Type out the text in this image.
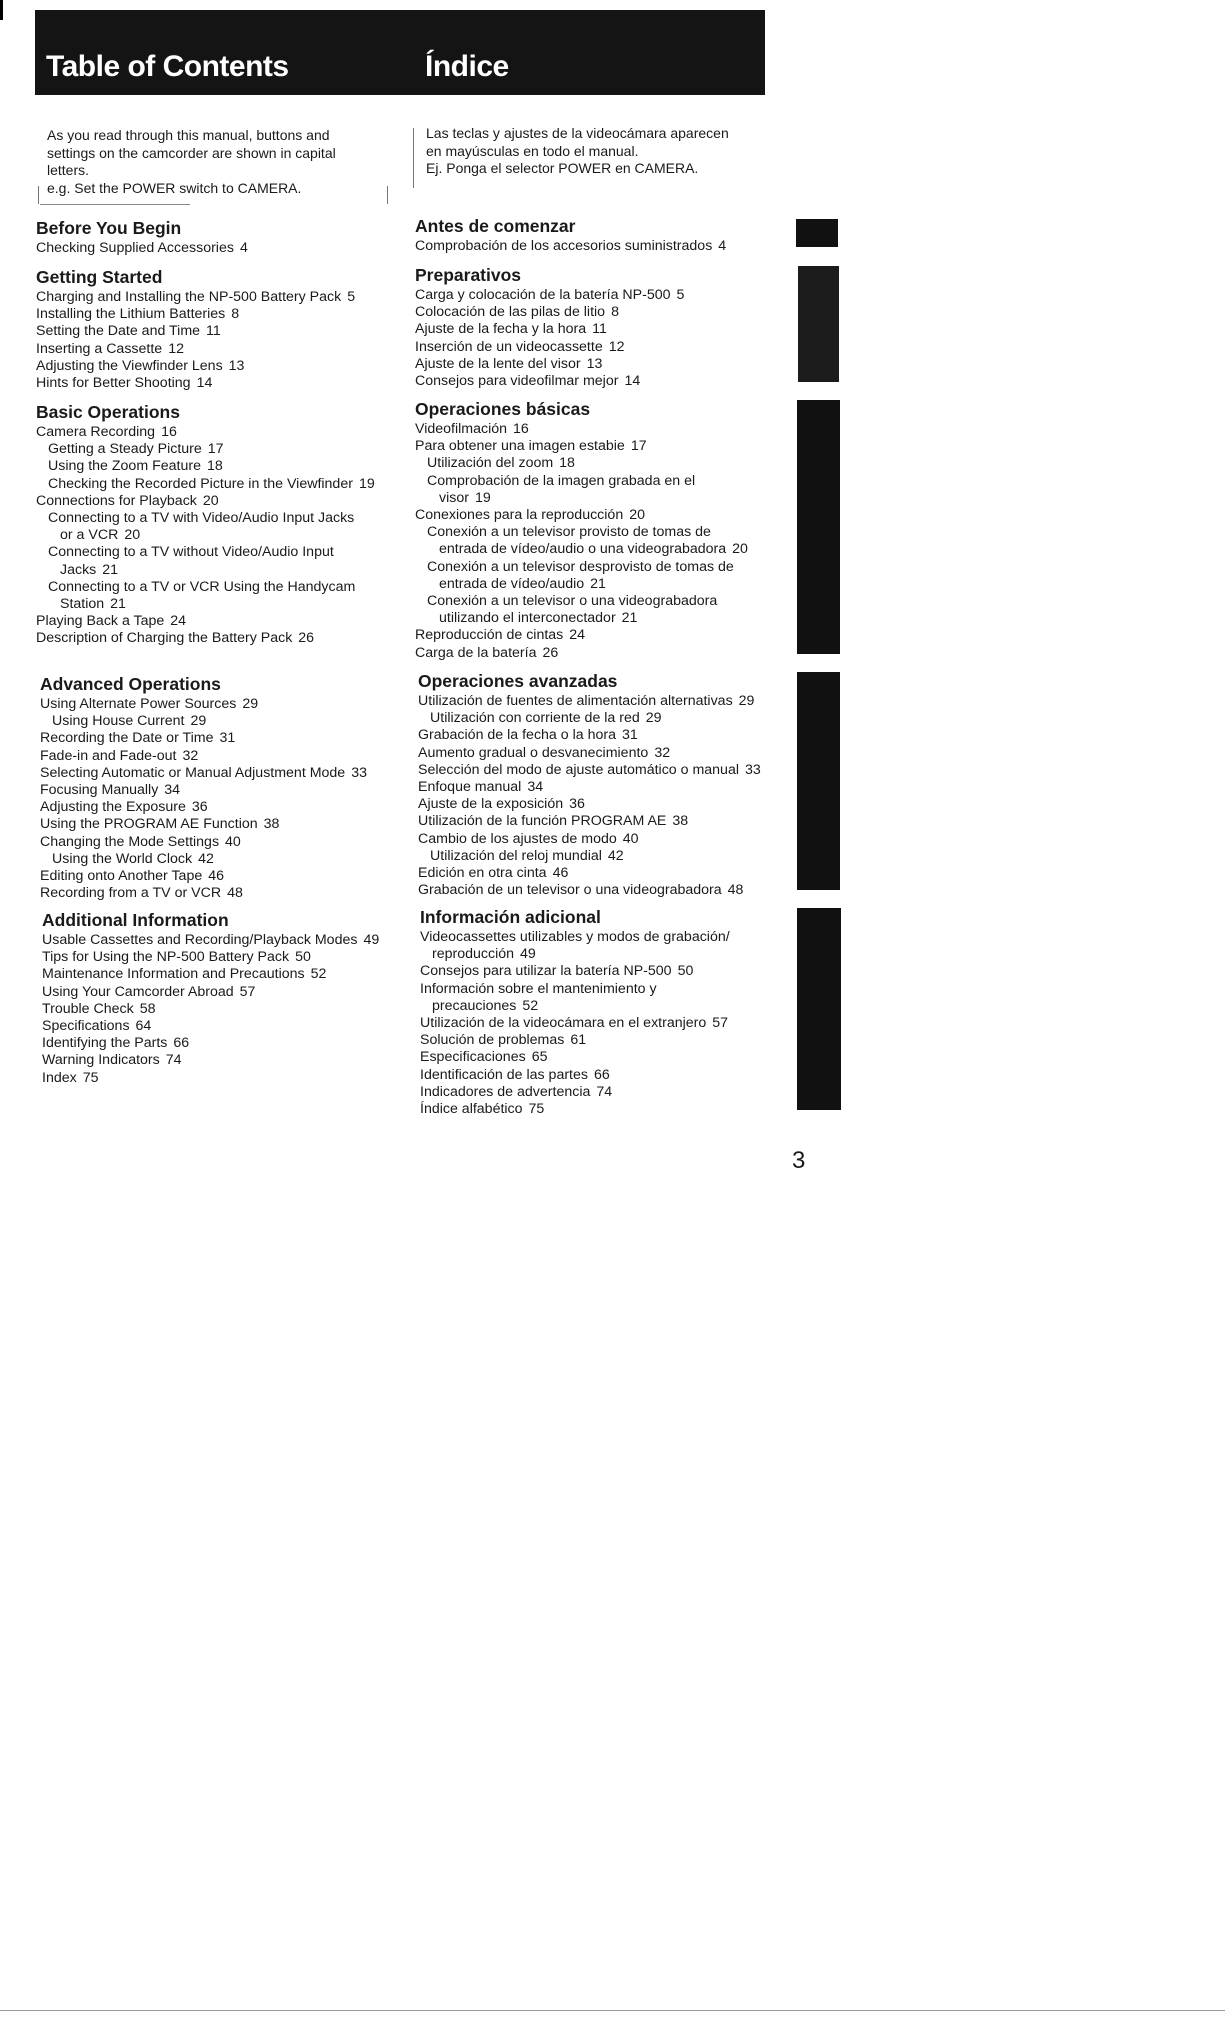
Table of Contents	Índice
As you read through this manual, buttons and
settings on the camcorder are shown in capital
letters.
e.g. Set the POWER switch to CAMERA.
Las teclas y ajustes de la videocámara aparecen
en mayúsculas en todo el manual.
Ej. Ponga el selector POWER en CAMERA.
Before You Begin
Checking Supplied Accessories 4
Getting Started
Charging and Installing the NP-500 Battery Pack 5
Installing the Lithium Batteries 8
Setting the Date and Time 11
Inserting a Cassette 12
Adjusting the Viewfinder Lens 13
Hints for Better Shooting 14
Basic Operations
Camera Recording 16
Getting a Steady Picture 17
Using the Zoom Feature 18
Checking the Recorded Picture in the Viewfinder 19
Connections for Playback 20
Connecting to a TV with Video/Audio Input Jacks
or a VCR 20
Connecting to a TV without Video/Audio Input
Jacks 21
Connecting to a TV or VCR Using the Handycam
Station 21
Playing Back a Tape 24
Description of Charging the Battery Pack 26
Advanced Operations
Using Alternate Power Sources 29
Using House Current 29
Recording the Date or Time 31
Fade-in and Fade-out 32
Selecting Automatic or Manual Adjustment Mode 33
Focusing Manually 34
Adjusting the Exposure 36
Using the PROGRAM AE Function 38
Changing the Mode Settings 40
Using the World Clock 42
Editing onto Another Tape 46
Recording from a TV or VCR 48
Additional Information
Usable Cassettes and Recording/Playback Modes 49
Tips for Using the NP-500 Battery Pack 50
Maintenance Information and Precautions 52
Using Your Camcorder Abroad 57
Trouble Check 58
Specifications 64
Identifying the Parts 66
Warning Indicators 74
Index 75
Antes de comenzar
Comprobación de los accesorios suministrados 4
Preparativos
Carga y colocación de la batería NP-500 5
Colocación de las pilas de litio 8
Ajuste de la fecha y la hora 11
Inserción de un videocassette 12
Ajuste de la lente del visor 13
Consejos para videofilmar mejor 14
Operaciones básicas
Videofilmación 16
Para obtener una imagen estabie 17
Utilización del zoom 18
Comprobación de la imagen grabada en el
visor 19
Conexiones para la reproducción 20
Conexión a un televisor provisto de tomas de
entrada de vídeo/audio o una videograbadora 20
Conexión a un televisor desprovisto de tomas de
entrada de vídeo/audio 21
Conexión a un televisor o una videograbadora
utilizando el interconectador 21
Reproducción de cintas 24
Carga de la batería 26
Operaciones avanzadas
Utilización de fuentes de alimentación alternativas 29
Utilización con corriente de la red 29
Grabación de la fecha o la hora 31
Aumento gradual o desvanecimiento 32
Selección del modo de ajuste automático o manual 33
Enfoque manual 34
Ajuste de la exposición 36
Utilización de la función PROGRAM AE 38
Cambio de los ajustes de modo 40
Utilización del reloj mundial 42
Edición en otra cinta 46
Grabación de un televisor o una videograbadora 48
Información adicional
Videocassettes utilizables y modos de grabación/
reproducción 49
Consejos para utilizar la batería NP-500 50
Información sobre el mantenimiento y
precauciones 52
Utilización de la videocámara en el extranjero 57
Solución de problemas 61
Especificaciones 65
Identificación de las partes 66
Indicadores de advertencia 74
Índice alfabético 75
3
